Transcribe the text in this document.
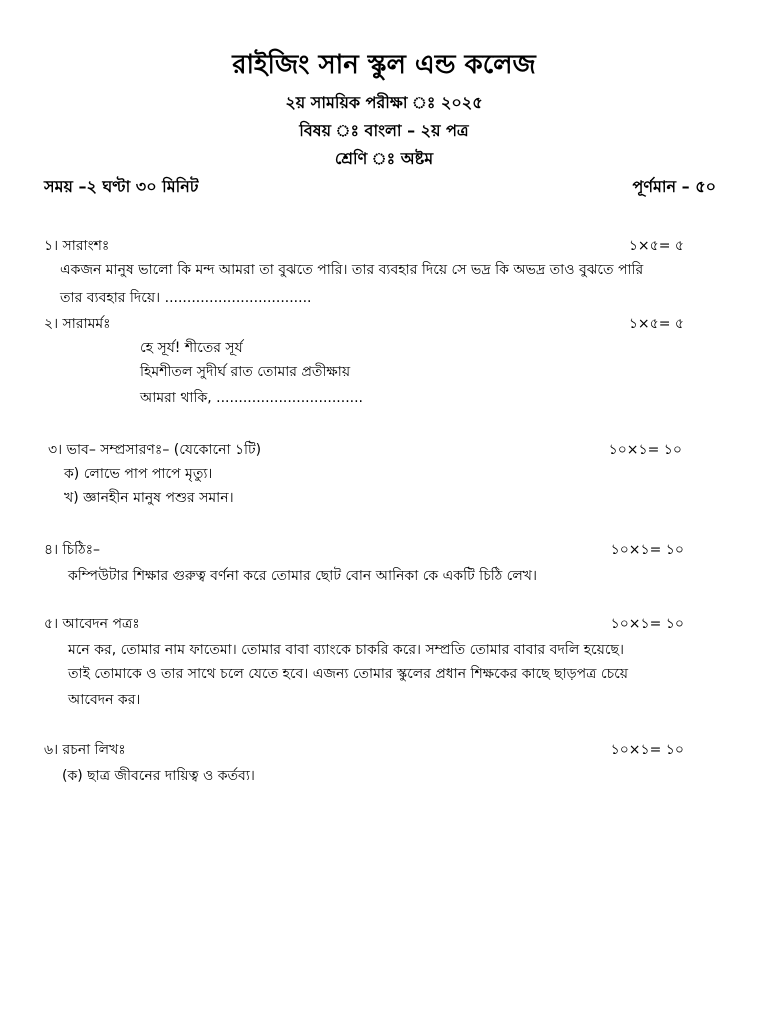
রাইজিং সান স্কুল এন্ড কলেজ
২য় সাময়িক পরীক্ষা ঃ ২০২৫
বিষয় ঃ বাংলা – ২য় পত্র
শ্রেণি ঃ অষ্টম
সময় –২ ঘণ্টা ৩০ মিনিট	পূর্ণমান – ৫০
১। সারাংশঃ	১×৫= ৫
একজন মানুষ ভালো কি মন্দ আমরা তা বুঝতে পারি। তার ব্যবহার দিয়ে সে ভদ্র কি অভদ্র তাও বুঝতে পারি
তার ব্যবহার দিয়ে। .................................
২। সারামর্মঃ	১×৫= ৫
হে সূর্য! শীতের সূর্য
হিমশীতল সুদীর্ঘ রাত তোমার প্রতীক্ষায়
আমরা থাকি, .................................
৩। ভাব– সম্প্রসারণঃ– (যেকোনো ১টি)	১০×১= ১০
ক) লোভে পাপ পাপে মৃত্যু।
খ) জ্ঞানহীন মানুষ পশুর সমান।
৪। চিঠিঃ–	১০×১= ১০
কম্পিউটার শিক্ষার গুরুত্ব বর্ণনা করে তোমার ছোট বোন আনিকা কে একটি চিঠি লেখ।
৫। আবেদন পত্রঃ	১০×১= ১০
মনে কর, তোমার নাম ফাতেমা। তোমার বাবা ব্যাংকে চাকরি করে। সম্প্রতি তোমার বাবার বদলি হয়েছে।
তাই তোমাকে ও তার সাথে চলে যেতে হবে। এজন্য তোমার স্কুলের প্রধান শিক্ষকের কাছে ছাড়পত্র চেয়ে
আবেদন কর।
৬। রচনা লিখঃ	১০×১= ১০
(ক) ছাত্র জীবনের দায়িত্ব ও কর্তব্য।
